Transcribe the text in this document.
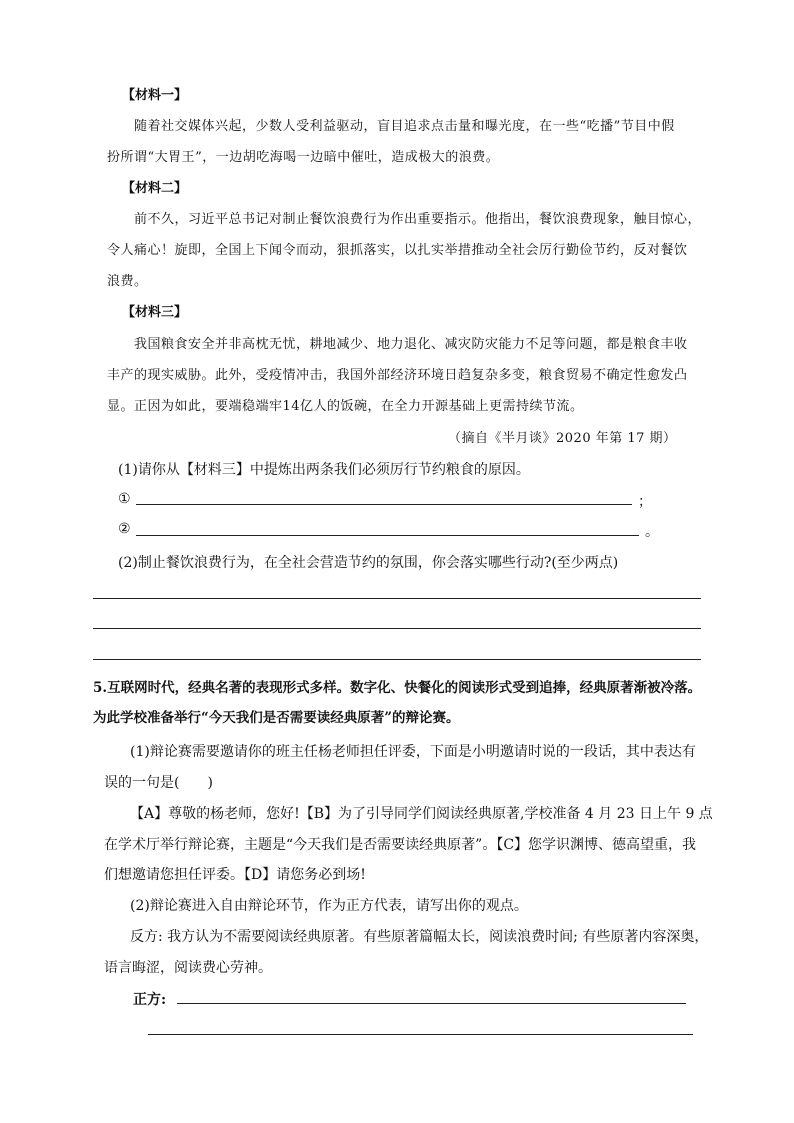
【材料一】
随着社交媒体兴起，少数人受利益驱动，盲目追求点击量和曝光度，在一些“吃播”节目中假
扮所谓“大胃王”，一边胡吃海喝一边暗中催吐，造成极大的浪费。
【材料二】
前不久，习近平总书记对制止餐饮浪费行为作出重要指示。他指出，餐饮浪费现象，触目惊心，
令人痛心！旋即，全国上下闻令而动，狠抓落实，以扎实举措推动全社会厉行勤俭节约，反对餐饮
浪费。
【材料三】
我国粮食安全并非高枕无忧，耕地减少、地力退化、减灾防灾能力不足等问题，都是粮食丰收
丰产的现实威胁。此外，受疫情冲击，我国外部经济环境日趋复杂多变，粮食贸易不确定性愈发凸
显。正因为如此，要端稳端牢14亿人的饭碗，在全力开源基础上更需持续节流。
（摘自《半月谈》2020 年第 17 期）
(1)请你从【材料三】中提炼出两条我们必须厉行节约粮食的原因。
①	；
②	。
(2)制止餐饮浪费行为，在全社会营造节约的氛围，你会落实哪些行动?(至少两点)
5.互联网时代，经典名著的表现形式多样。数字化、快餐化的阅读形式受到追捧，经典原著渐被冷落。
为此学校准备举行“今天我们是否需要读经典原著”的辩论赛。
(1)辩论赛需要邀请你的班主任杨老师担任评委，下面是小明邀请时说的一段话，其中表达有
误的一句是(　　)
【A】尊敬的杨老师，您好!【B】为了引导同学们阅读经典原著,学校准备 4 月 23 日上午 9 点
在学术厅举行辩论赛，主题是“今天我们是否需要读经典原著”。【C】您学识渊博、德高望重，我
们想邀请您担任评委。【D】请您务必到场!
(2)辩论赛进入自由辩论环节，作为正方代表，请写出你的观点。
反方: 我方认为不需要阅读经典原著。有些原著篇幅太长，阅读浪费时间; 有些原著内容深奥，
语言晦涩，阅读费心劳神。
正方:
